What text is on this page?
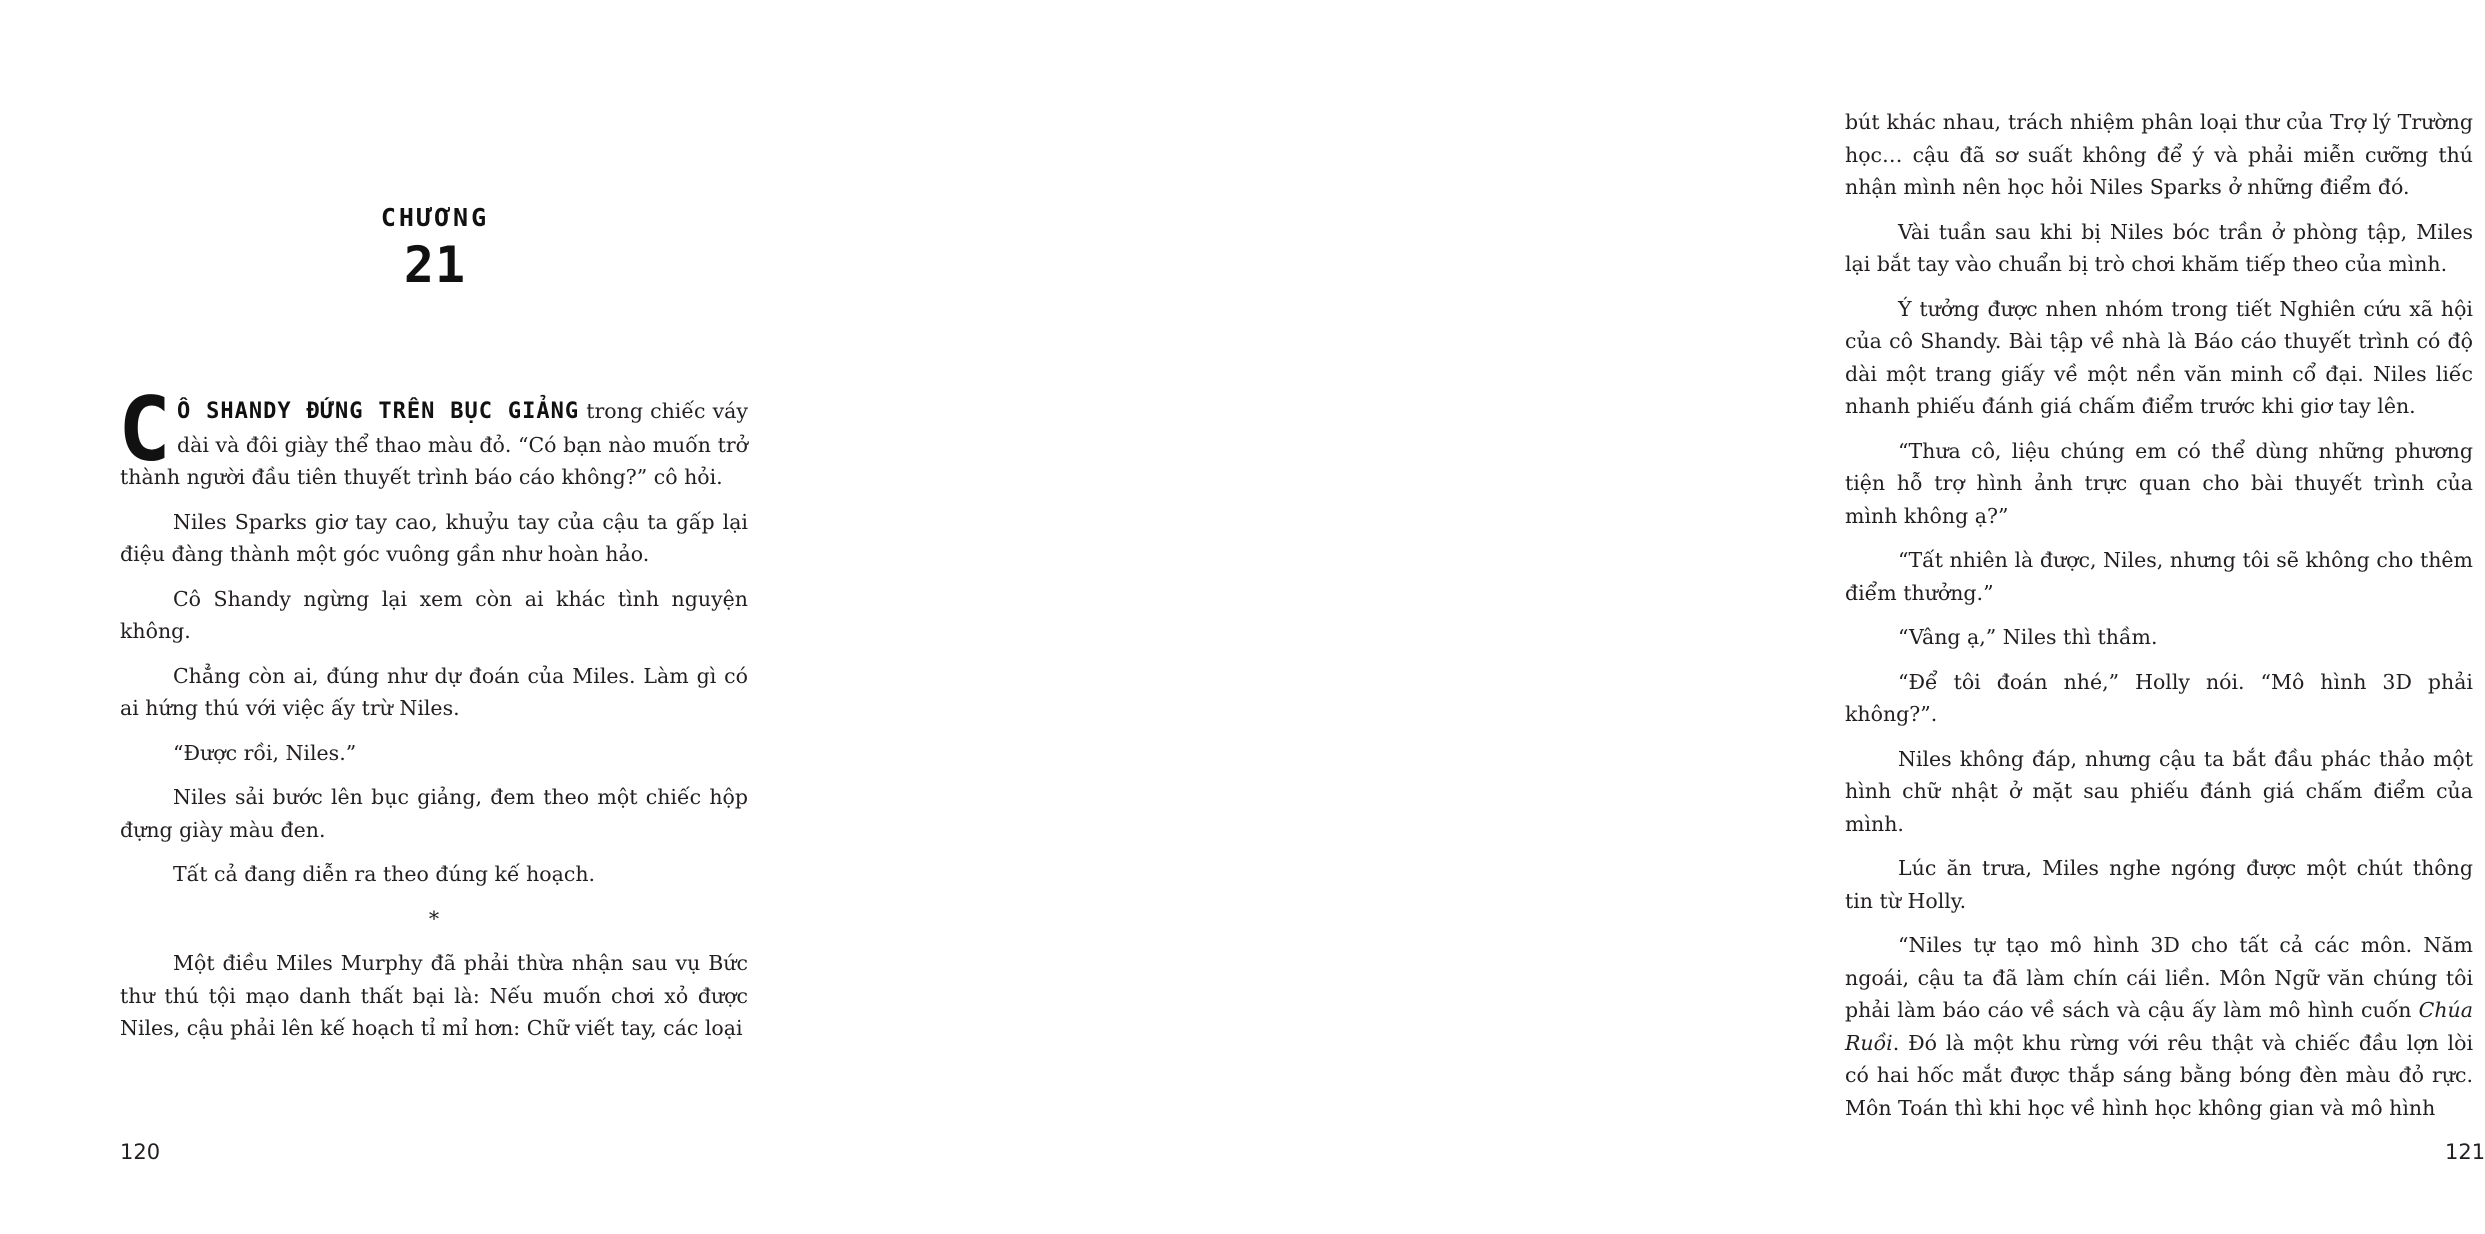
CHƯƠNG
21

C Ô SHANDY ĐỨNG TRÊN BỤC GIẢNG trong chiếc váy dài và đôi giày thể thao màu đỏ. “Có bạn nào muốn trở thành người đầu tiên thuyết trình báo cáo không?” cô hỏi.

Niles Sparks giơ tay cao, khuỷu tay của cậu ta gấp lại điệu đàng thành một góc vuông gần như hoàn hảo.

Cô Shandy ngừng lại xem còn ai khác tình nguyện không.

Chẳng còn ai, đúng như dự đoán của Miles. Làm gì có ai hứng thú với việc ấy trừ Niles.

“Được rồi, Niles.”

Niles sải bước lên bục giảng, đem theo một chiếc hộp đựng giày màu đen.

Tất cả đang diễn ra theo đúng kế hoạch.

*

Một điều Miles Murphy đã phải thừa nhận sau vụ Bức thư thú tội mạo danh thất bại là: Nếu muốn chơi xỏ được Niles, cậu phải lên kế hoạch tỉ mỉ hơn: Chữ viết tay, các loại

120

bút khác nhau, trách nhiệm phân loại thư của Trợ lý Trường học… cậu đã sơ suất không để ý và phải miễn cưỡng thú nhận mình nên học hỏi Niles Sparks ở những điểm đó.

Vài tuần sau khi bị Niles bóc trần ở phòng tập, Miles lại bắt tay vào chuẩn bị trò chơi khăm tiếp theo của mình.

Ý tưởng được nhen nhóm trong tiết Nghiên cứu xã hội của cô Shandy. Bài tập về nhà là Báo cáo thuyết trình có độ dài một trang giấy về một nền văn minh cổ đại. Niles liếc nhanh phiếu đánh giá chấm điểm trước khi giơ tay lên.

“Thưa cô, liệu chúng em có thể dùng những phương tiện hỗ trợ hình ảnh trực quan cho bài thuyết trình của mình không ạ?”

“Tất nhiên là được, Niles, nhưng tôi sẽ không cho thêm điểm thưởng.”

“Vâng ạ,” Niles thì thầm.

“Để tôi đoán nhé,” Holly nói. “Mô hình 3D phải không?”.

Niles không đáp, nhưng cậu ta bắt đầu phác thảo một hình chữ nhật ở mặt sau phiếu đánh giá chấm điểm của mình.

Lúc ăn trưa, Miles nghe ngóng được một chút thông tin từ Holly.

“Niles tự tạo mô hình 3D cho tất cả các môn. Năm ngoái, cậu ta đã làm chín cái liền. Môn Ngữ văn chúng tôi phải làm báo cáo về sách và cậu ấy làm mô hình cuốn Chúa Ruồi. Đó là một khu rừng với rêu thật và chiếc đầu lợn lòi có hai hốc mắt được thắp sáng bằng bóng đèn màu đỏ rực. Môn Toán thì khi học về hình học không gian và mô hình

121
